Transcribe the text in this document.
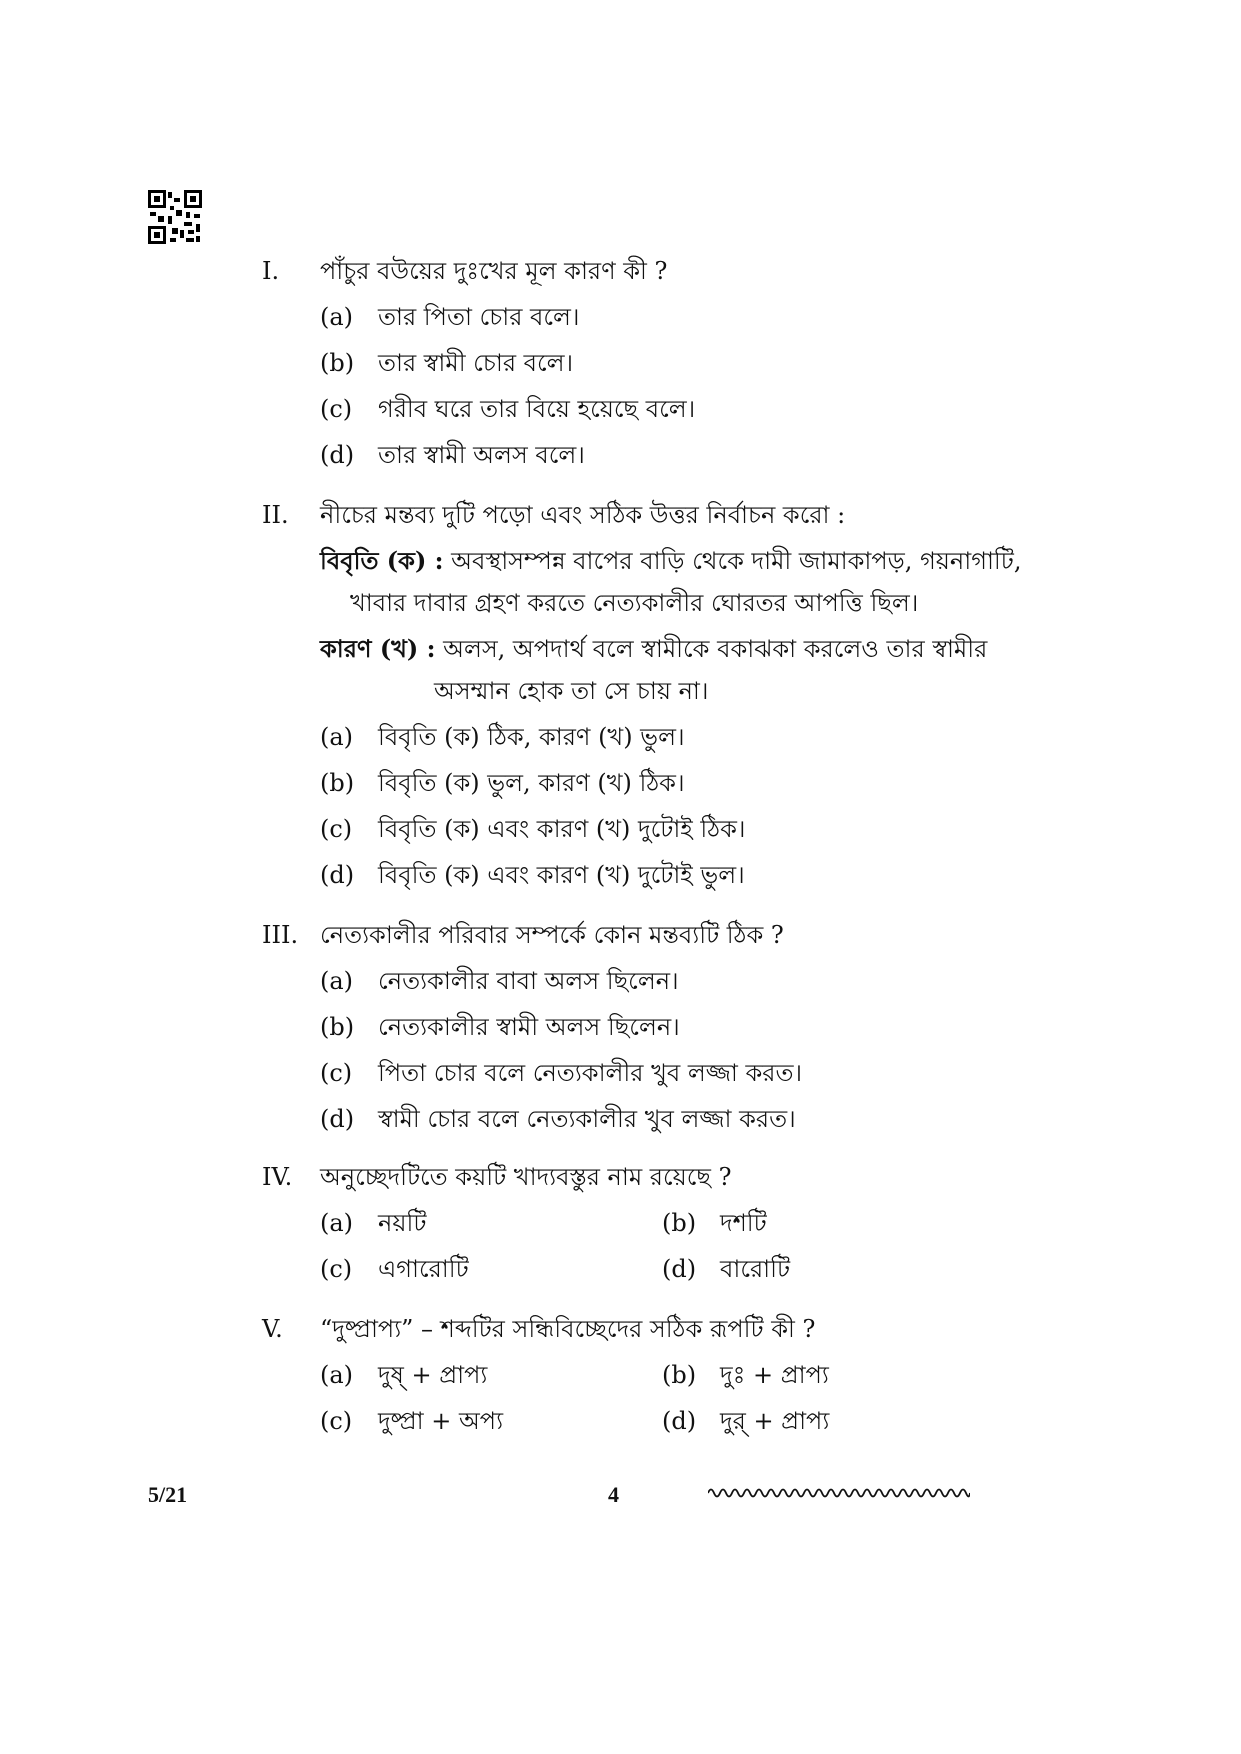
I.	পাঁচুর বউয়ের দুঃখের মূল কারণ কী ?
(a) তার পিতা চোর বলে।
(b) তার স্বামী চোর বলে।
(c) গরীব ঘরে তার বিয়ে হয়েছে বলে।
(d) তার স্বামী অলস বলে।
II.	নীচের মন্তব্য দুটি পড়ো এবং সঠিক উত্তর নির্বাচন করো :
বিবৃতি (ক) : অবস্থাসম্পন্ন বাপের বাড়ি থেকে দামী জামাকাপড়, গয়নাগাটি,
খাবার দাবার গ্রহণ করতে নেত্যকালীর ঘোরতর আপত্তি ছিল।
কারণ (খ) : অলস, অপদার্থ বলে স্বামীকে বকাঝকা করলেও তার স্বামীর
অসম্মান হোক তা সে চায় না।
(a) বিবৃতি (ক) ঠিক, কারণ (খ) ভুল।
(b) বিবৃতি (ক) ভুল, কারণ (খ) ঠিক।
(c) বিবৃতি (ক) এবং কারণ (খ) দুটোই ঠিক।
(d) বিবৃতি (ক) এবং কারণ (খ) দুটোই ভুল।
III. নেত্যকালীর পরিবার সম্পর্কে কোন মন্তব্যটি ঠিক ?
(a) নেত্যকালীর বাবা অলস ছিলেন।
(b) নেত্যকালীর স্বামী অলস ছিলেন।
(c) পিতা চোর বলে নেত্যকালীর খুব লজ্জা করত।
(d) স্বামী চোর বলে নেত্যকালীর খুব লজ্জা করত।
IV.	অনুচ্ছেদটিতে কয়টি খাদ্যবস্তুর নাম রয়েছে ?
(a) নয়টি	(b) দশটি
(c) এগারোটি	(d) বারোটি
V.	“দুষ্প্রাপ্য” – শব্দটির সন্ধিবিচ্ছেদের সঠিক রূপটি কী ?
(a) দুষ্ + প্রাপ্য	(b) দুঃ + প্রাপ্য
(c) দুষ্প্রা + অপ্য	(d) দুর্ + প্রাপ্য
5/21	4
